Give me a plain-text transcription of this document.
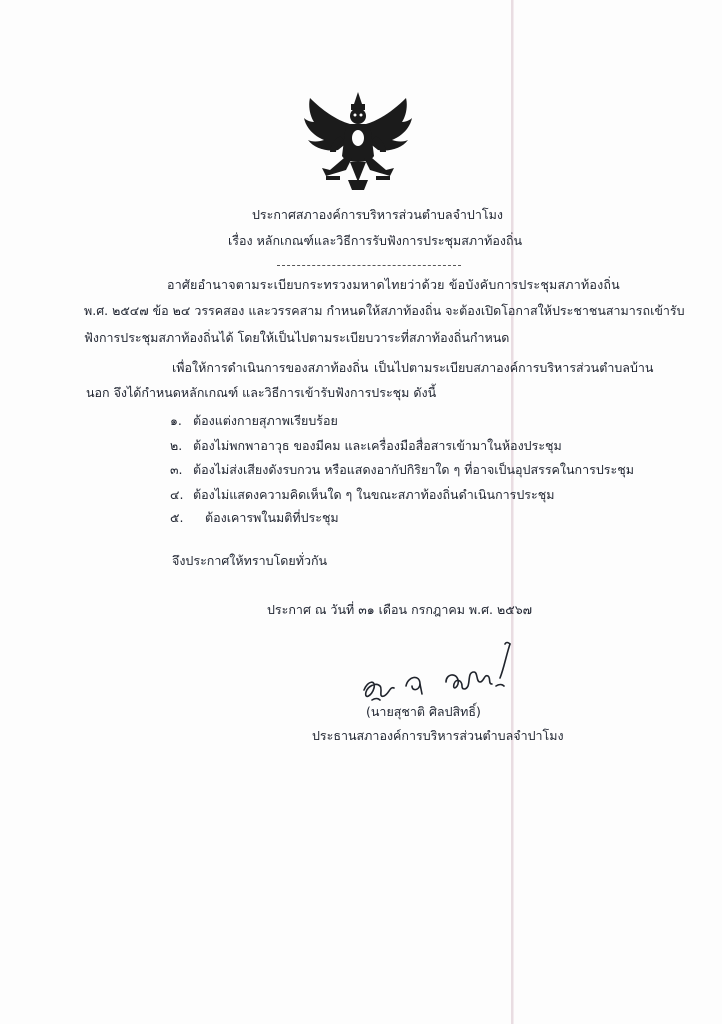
ประกาศสภาองค์การบริหารส่วนตำบลจำปาโมง
เรื่อง หลักเกณฑ์และวิธีการรับฟังการประชุมสภาท้องถิ่น
อาศัยอำนาจตามระเบียบกระทรวงมหาดไทยว่าด้วย ข้อบังคับการประชุมสภาท้องถิ่น
พ.ศ. ๒๕๔๗ ข้อ ๒๔ วรรคสอง และวรรคสาม กำหนดให้สภาท้องถิ่น จะต้องเปิดโอกาสให้ประชาชนสามารถเข้ารับ
ฟังการประชุมสภาท้องถิ่นได้ โดยให้เป็นไปตามระเบียบวาระที่สภาท้องถิ่นกำหนด
เพื่อให้การดำเนินการของสภาท้องถิ่น เป็นไปตามระเบียบสภาองค์การบริหารส่วนตำบลบ้าน
นอก จึงได้กำหนดหลักเกณฑ์ และวิธีการเข้ารับฟังการประชุม ดังนี้
๑. ต้องแต่งกายสุภาพเรียบร้อย
๒. ต้องไม่พกพาอาวุธ ของมีคม และเครื่องมือสื่อสารเข้ามาในห้องประชุม
๓. ต้องไม่ส่งเสียงดังรบกวน หรือแสดงอากัปกิริยาใด ๆ ที่อาจเป็นอุปสรรคในการประชุม
๔. ต้องไม่แสดงความคิดเห็นใด ๆ ในขณะสภาท้องถิ่นดำเนินการประชุม
๕. ต้องเคารพในมติที่ประชุม
จึงประกาศให้ทราบโดยทั่วกัน
ประกาศ ณ วันที่ ๓๑ เดือน กรกฎาคม พ.ศ. ๒๕๖๗
(นายสุชาติ ศิลปสิทธิ์)
ประธานสภาองค์การบริหารส่วนตำบลจำปาโมง
